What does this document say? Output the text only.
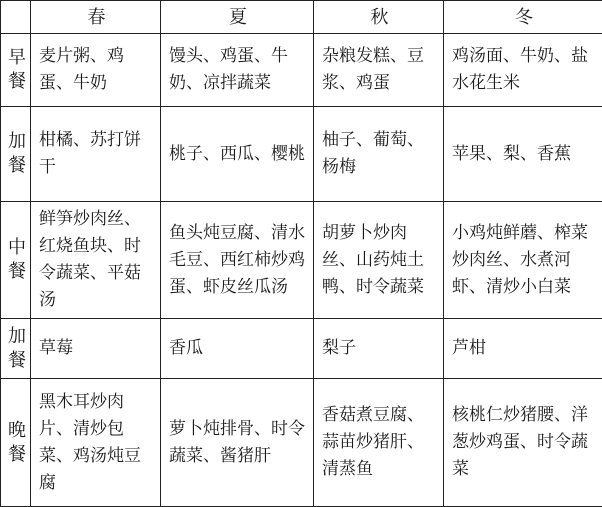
	春	夏	秋	冬
早餐	麦片粥、鸡蛋、牛奶	馒头、鸡蛋、牛奶、凉拌蔬菜	杂粮发糕、豆浆、鸡蛋	鸡汤面、牛奶、盐水花生米
加餐	柑橘、苏打饼干	桃子、西瓜、樱桃	柚子、葡萄、杨梅	苹果、梨、香蕉
中餐	鲜笋炒肉丝、红烧鱼块、时令蔬菜、平菇汤	鱼头炖豆腐、清水毛豆、西红柿炒鸡蛋、虾皮丝瓜汤	胡萝卜炒肉丝、山药炖土鸭、时令蔬菜	小鸡炖鲜蘑、榨菜炒肉丝、水煮河虾、清炒小白菜
加餐	草莓	香瓜	梨子	芦柑
晚餐	黑木耳炒肉片、清炒包菜、鸡汤炖豆腐	萝卜炖排骨、时令蔬菜、酱猪肝	香菇煮豆腐、蒜苗炒猪肝、清蒸鱼	核桃仁炒猪腰、洋葱炒鸡蛋、时令蔬菜
